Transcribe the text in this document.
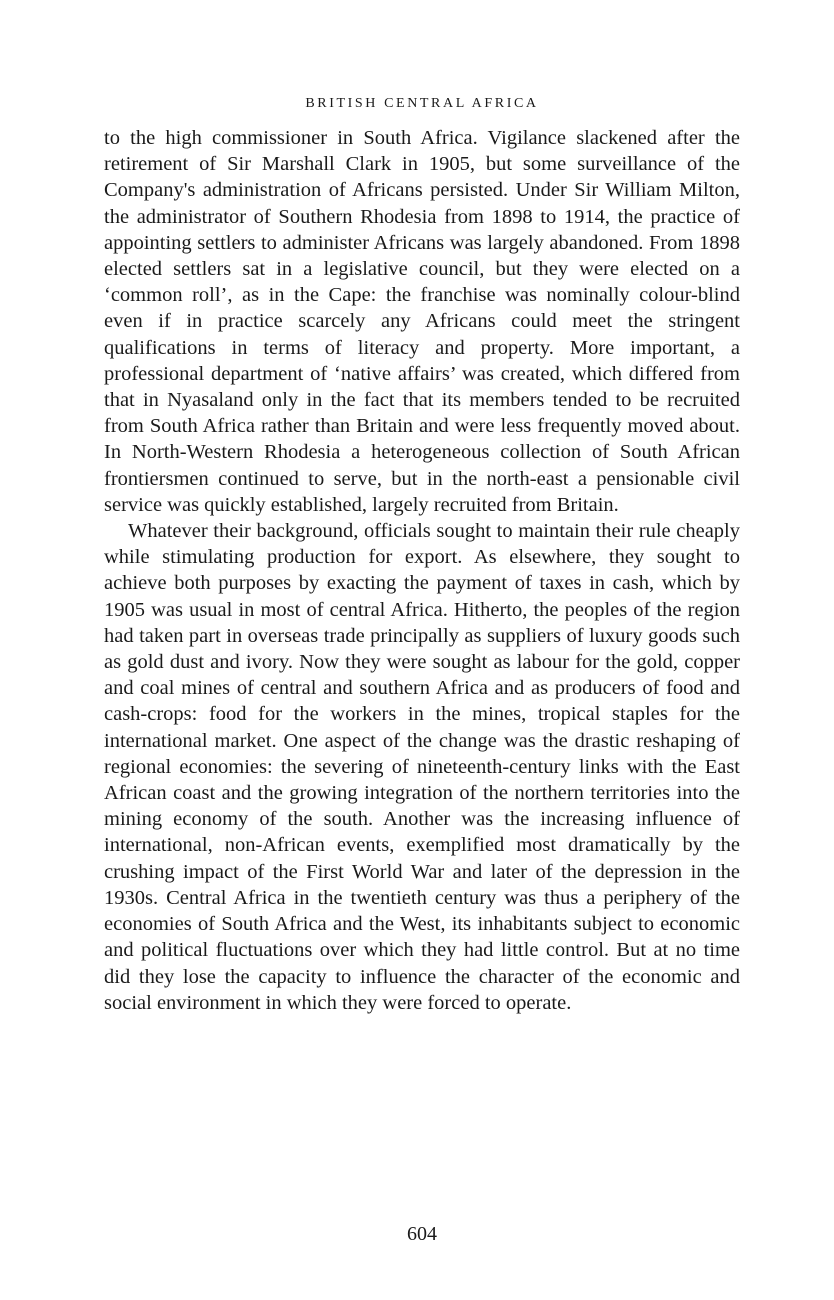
BRITISH CENTRAL AFRICA

to the high commissioner in South Africa. Vigilance slackened after the retirement of Sir Marshall Clark in 1905, but some surveillance of the Company's administration of Africans persisted. Under Sir William Milton, the administrator of Southern Rhodesia from 1898 to 1914, the practice of appointing settlers to administer Africans was largely abandoned. From 1898 elected settlers sat in a legislative council, but they were elected on a ‘common roll’, as in the Cape: the franchise was nominally colour-blind even if in practice scarcely any Africans could meet the stringent qualifications in terms of literacy and property. More important, a professional department of ‘native affairs’ was created, which differed from that in Nyasaland only in the fact that its members tended to be recruited from South Africa rather than Britain and were less frequently moved about. In North-Western Rhodesia a heterogeneous collection of South African frontiersmen continued to serve, but in the north-east a pensionable civil service was quickly established, largely recruited from Britain.

Whatever their background, officials sought to maintain their rule cheaply while stimulating production for export. As elsewhere, they sought to achieve both purposes by exacting the payment of taxes in cash, which by 1905 was usual in most of central Africa. Hitherto, the peoples of the region had taken part in overseas trade principally as suppliers of luxury goods such as gold dust and ivory. Now they were sought as labour for the gold, copper and coal mines of central and southern Africa and as producers of food and cash-crops: food for the workers in the mines, tropical staples for the international market. One aspect of the change was the drastic reshaping of regional economies: the severing of nineteenth-century links with the East African coast and the growing integration of the northern territories into the mining economy of the south. Another was the increasing influence of international, non-African events, exemplified most dramatically by the crushing impact of the First World War and later of the depression in the 1930s. Central Africa in the twentieth century was thus a periphery of the economies of South Africa and the West, its inhabitants subject to economic and political fluctuations over which they had little control. But at no time did they lose the capacity to influence the character of the economic and social environment in which they were forced to operate.

604
